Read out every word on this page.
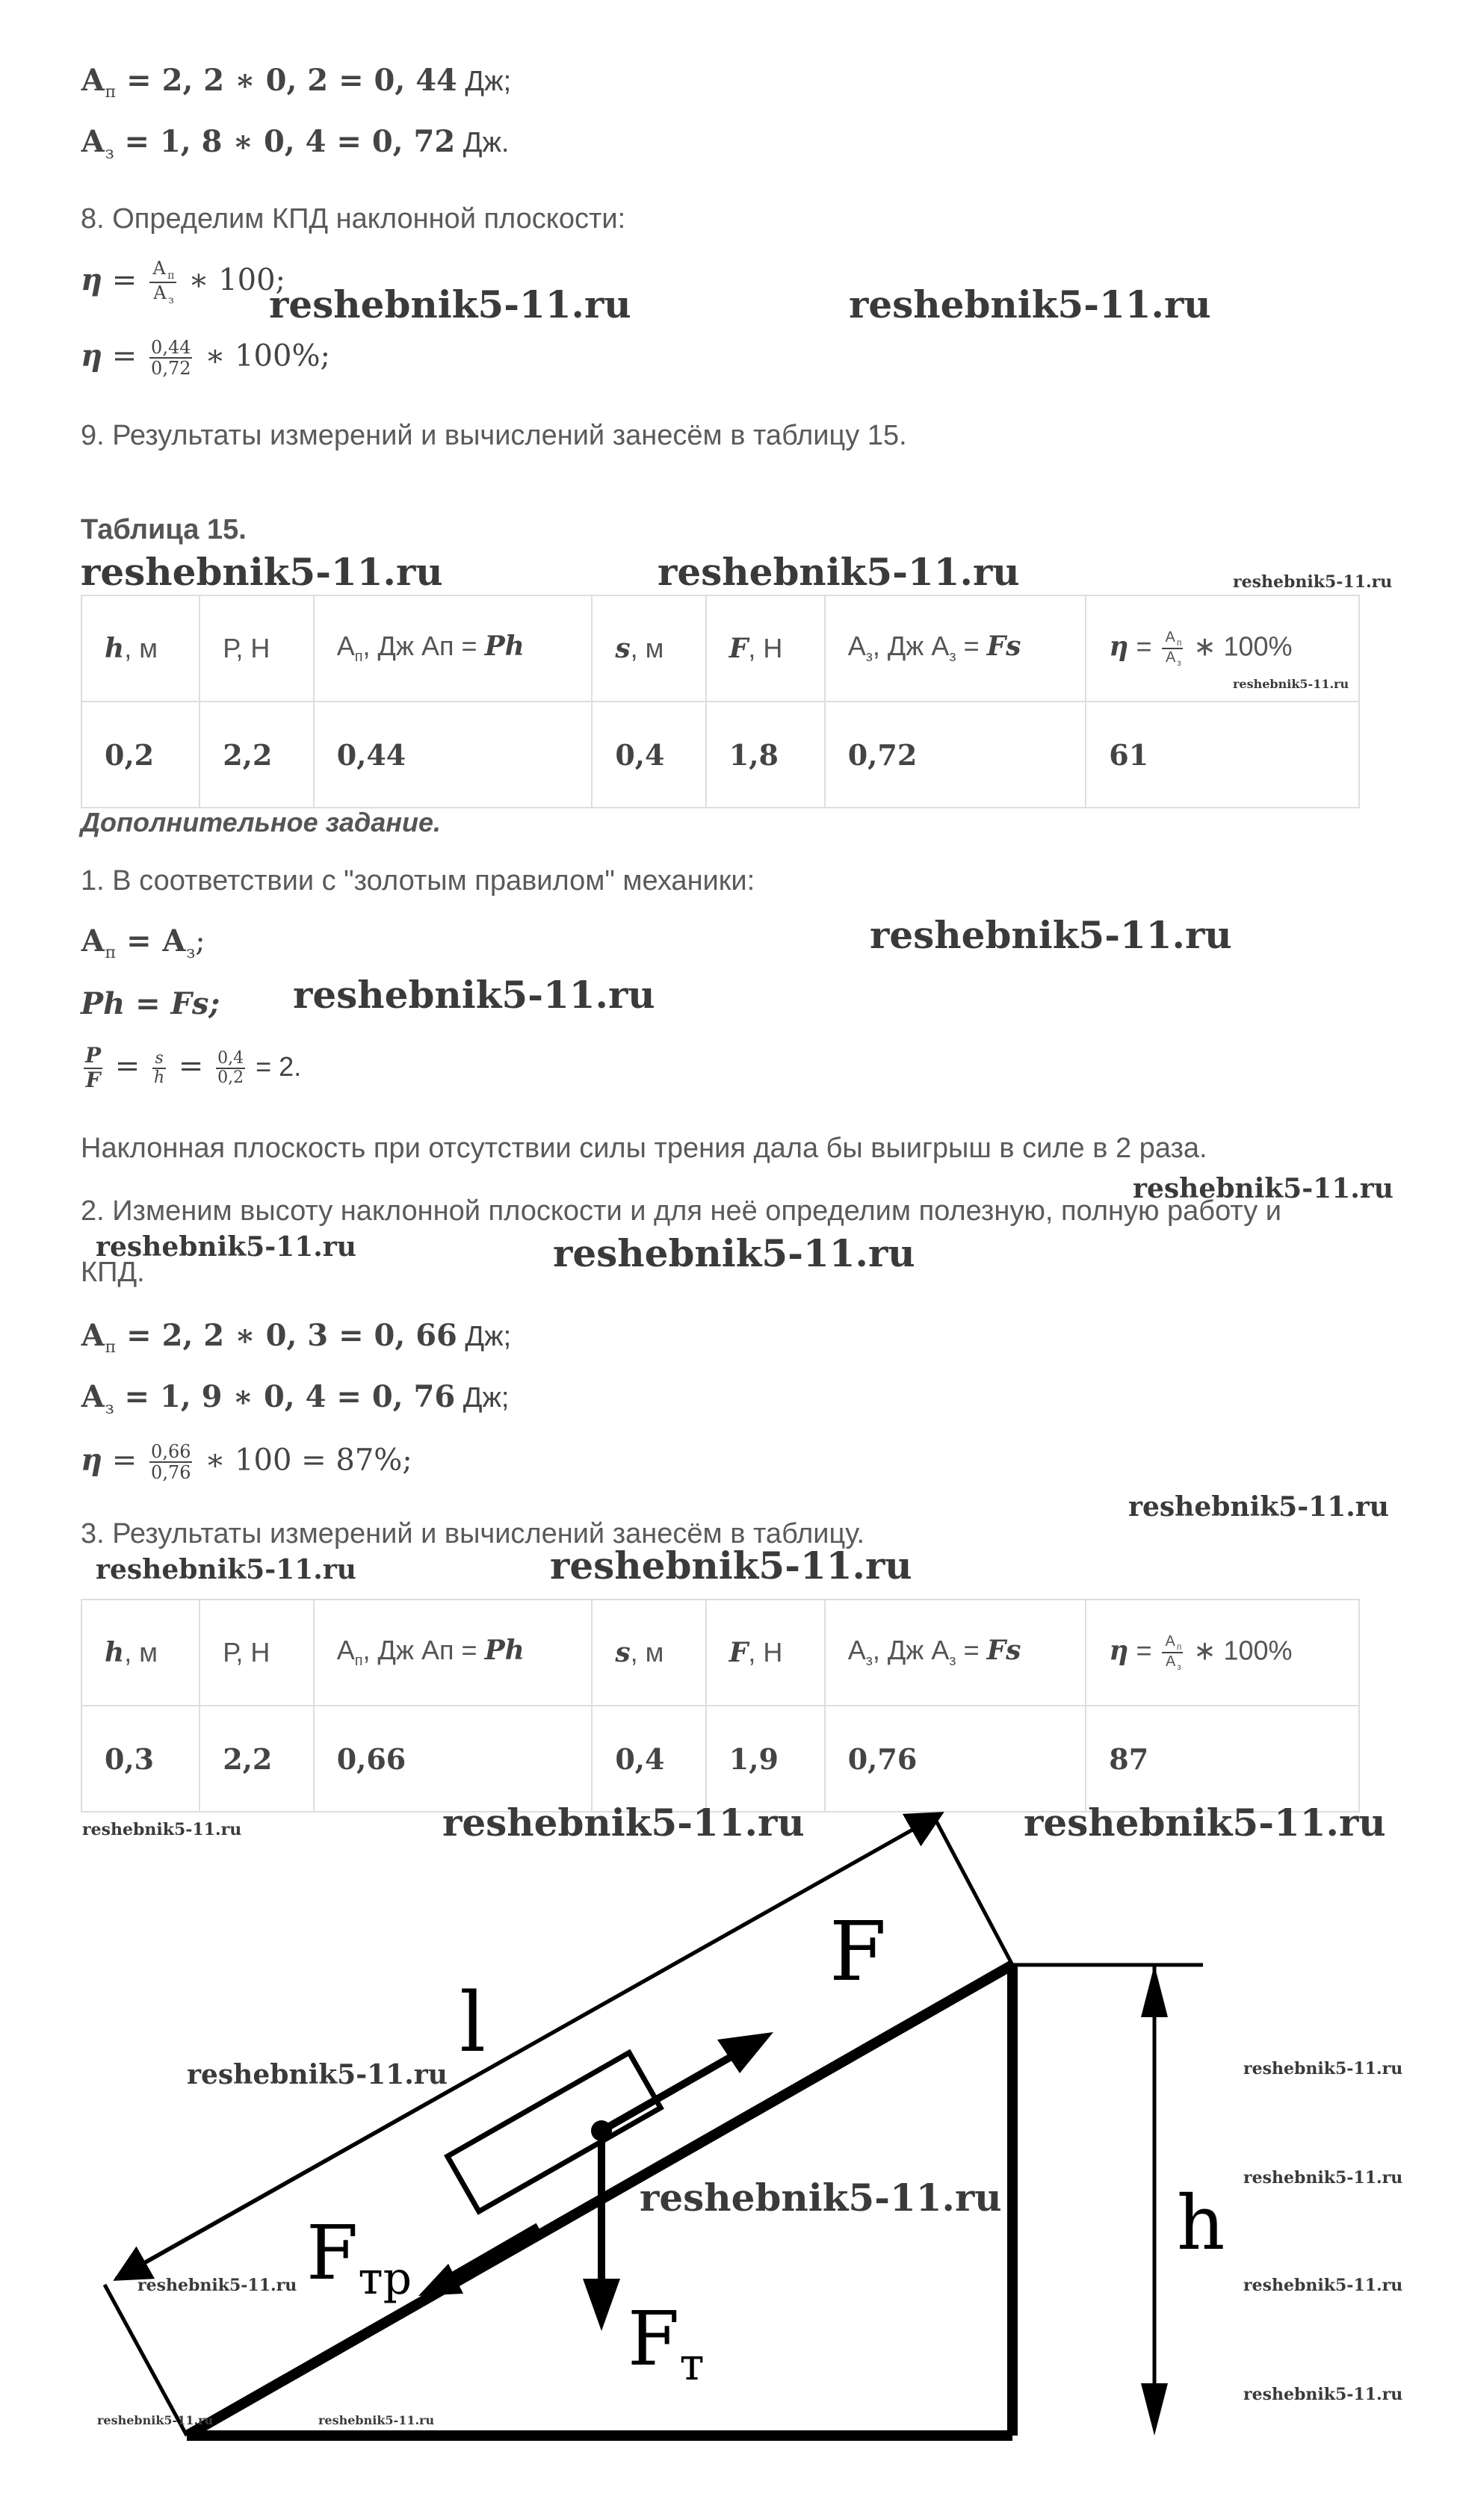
$А_п = 2$, 2 ∗ 0, 2 = 0, 44 Дж;
$А_з = 1$, 8 ∗ 0, 4 = 0, 72 Дж.
8. Определим КПД наклонной плоскости:
$\eta = \frac{А _п}{А _з}$ ∗ 100;
$\eta = \frac{0,44}{0,72}$ ∗ 100%;
9. Результаты измерений и вычислений занесём в таблицу 15.
Таблица 15.
h, м	Р, Н	$А_п$, Дж Ап = Ph	s, м	F, Н	$А_з$, Дж $А_з = Fs$	$\eta = \frac{А _п}{А _з}$ ∗ 100%
0,2	2,2	0,44	0,4	1,8	0,72	61
Дополнительное задание.
1. В соответствии с "золотым правилом" механики:
$А_п = А_з$;
Ph = Fs;
$\frac{P}{F} = \frac{s}{h} = \frac{0,4}{0,2} = 2$.
Наклонная плоскость при отсутствии силы трения дала бы выигрыш в силе в 2 раза.
2. Изменим высоту наклонной плоскости и для неё определим полезную, полную работу и
КПД.
$А_п = 2$, 2 ∗ 0, 3 = 0, 66 Дж;
$А_з = 1$, 9 ∗ 0, 4 = 0, 76 Дж;
$\eta = \frac{0,66}{0,76}$ ∗ 100 = 87%;
3. Результаты измерений и вычислений занесём в таблицу.
h, м	Р, Н	$А_п$, Дж Ап = Ph	s, м	F, Н	$А_з$, Дж $А_з = Fs$	$\eta = \frac{А _п}{А _з}$ ∗ 100%
0,3	2,2	0,66	0,4	1,9	0,76	87
l
F
$F_{тр}$
$F_т$
h
reshebnik5-11.ru	reshebnik5-11.ru
reshebnik5-11.ru	reshebnik5-11.ru	reshebnik5-11.ru
reshebnik5-11.ru
reshebnik5-11.ru
reshebnik5-11.ru
reshebnik5-11.ru
reshebnik5-11.ru	reshebnik5-11.ru
reshebnik5-11.ru
reshebnik5-11.ru	reshebnik5-11.ru
reshebnik5-11.ru	reshebnik5-11.ru	reshebnik5-11.ru
reshebnik5-11.ru	reshebnik5-11.ru
reshebnik5-11.ru
reshebnik5-11.ru
reshebnik5-11.ru
reshebnik5-11.ru
reshebnik5-11.ru
reshebnik5-11.ru	reshebnik5-11.ru
